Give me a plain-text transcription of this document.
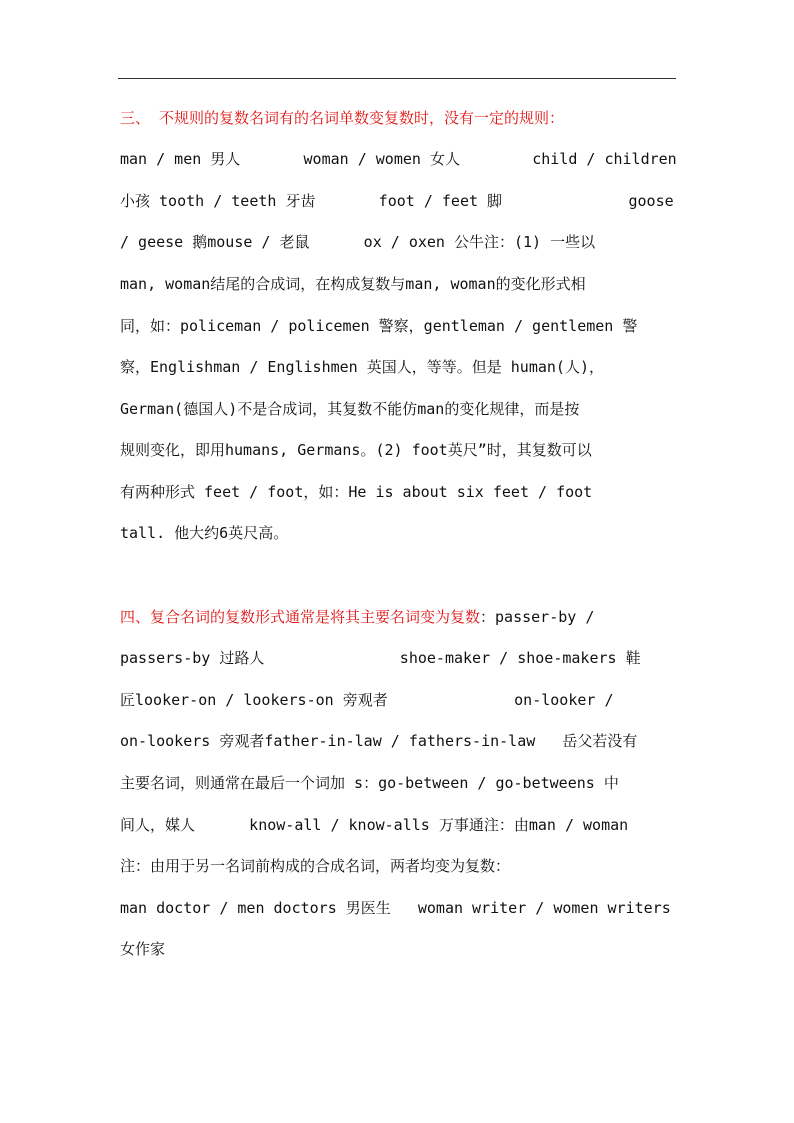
三、 不规则的复数名词有的名词单数变复数时，没有一定的规则：
man / men 男人       woman / women 女人        child / children
小孩 tooth / teeth 牙齿       foot / feet 脚              goose
/ geese 鹅mouse / 老鼠      ox / oxen 公牛注：(1) 一些以
man, woman结尾的合成词，在构成复数与man, woman的变化形式相
同，如：policeman / policemen 警察，gentleman / gentlemen 警
察，Englishman / Englishmen 英国人，等等。但是 human(人)，
German(德国人)不是合成词，其复数不能仿man的变化规律，而是按
规则变化，即用humans, Germans。(2) foot英尺”时，其复数可以
有两种形式 feet / foot，如：He is about six feet / foot
tall. 他大约6英尺高。
四、复合名词的复数形式通常是将其主要名词变为复数：passer-by /
passers-by 过路人               shoe-maker / shoe-makers 鞋
匠looker-on / lookers-on 旁观者              on-looker /
on-lookers 旁观者father-in-law / fathers-in-law   岳父若没有
主要名词，则通常在最后一个词加 s：go-between / go-betweens 中
间人，媒人      know-all / know-alls 万事通注：由man / woman
注：由用于另一名词前构成的合成名词，两者均变为复数：
man doctor / men doctors 男医生   woman writer / women writers
女作家
